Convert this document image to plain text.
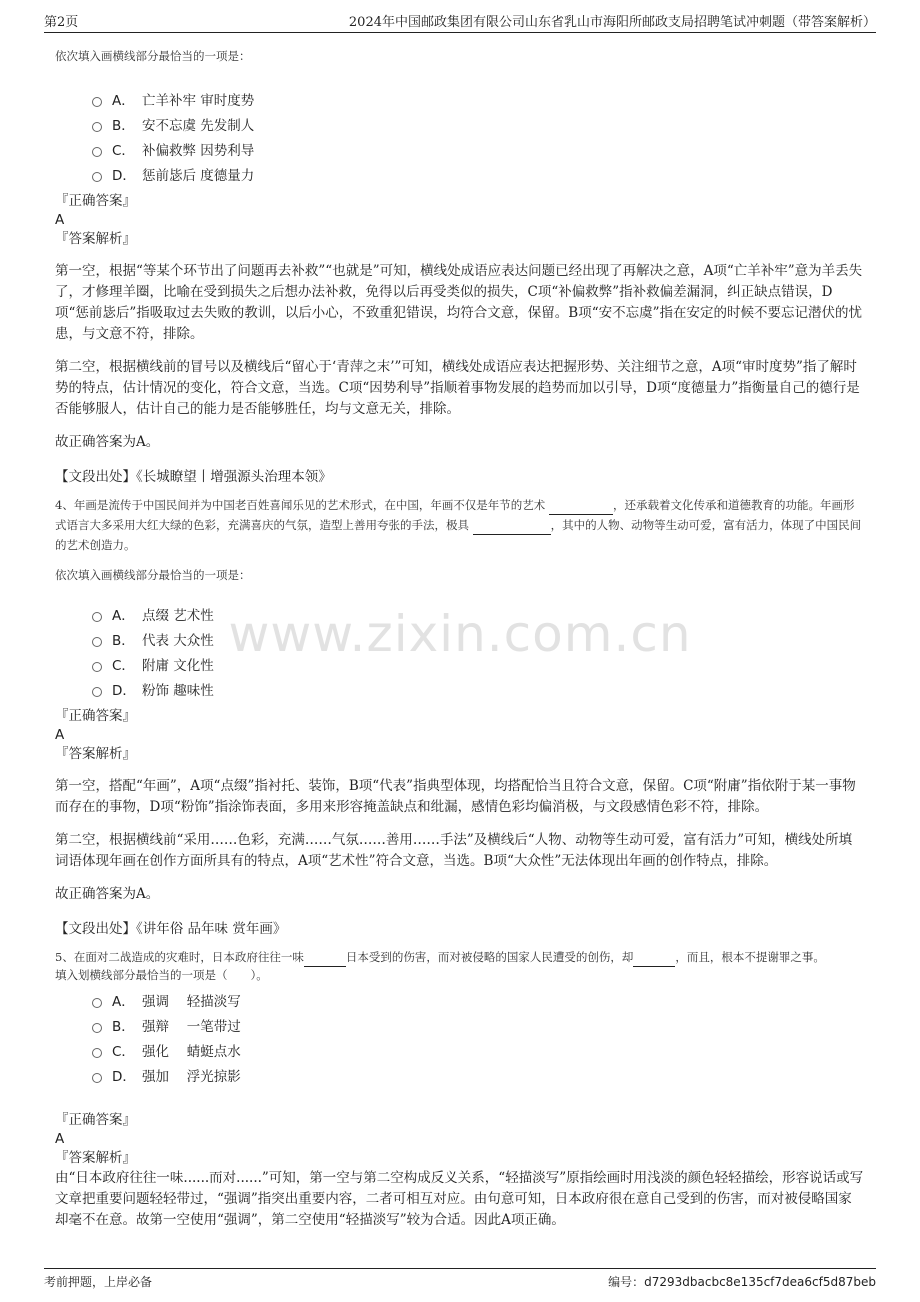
第2页	2024年中国邮政集团有限公司山东省乳山市海阳所邮政支局招聘笔试冲刺题（带答案解析）
www.zixin.com.cn

依次填入画横线部分最恰当的一项是：

A． 亡羊补牢 审时度势
B． 安不忘虞 先发制人
C． 补偏救弊 因势利导
D． 惩前毖后 度德量力

『正确答案』

A

『答案解析』

第一空，根据“等某个环节出了问题再去补救”“也就是”可知，横线处成语应表达问题已经出现了再解决之意，A项“亡羊补牢”意为羊丢失了，才修理羊圈，比喻在受到损失之后想办法补救，免得以后再受类似的损失，C项“补偏救弊”指补救偏差漏洞，纠正缺点错误，D项“惩前毖后”指吸取过去失败的教训，以后小心，不致重犯错误，均符合文意，保留。B项“安不忘虞”指在安定的时候不要忘记潜伏的忧患，与文意不符，排除。

第二空，根据横线前的冒号以及横线后“留心于‘青萍之末’”可知，横线处成语应表达把握形势、关注细节之意，A项“审时度势”指了解时势的特点，估计情况的变化，符合文意，当选。C项“因势利导”指顺着事物发展的趋势而加以引导，D项“度德量力”指衡量自己的德行是否能够服人，估计自己的能力是否能够胜任，均与文意无关，排除。

故正确答案为A。

【文段出处】《长城瞭望丨增强源头治理本领》

4、年画是流传于中国民间并为中国老百姓喜闻乐见的艺术形式，在中国，年画不仅是年节的艺术	，还承载着文化传承和道德教育的功能。年画形式语言大多采用大红大绿的色彩，充满喜庆的气氛，造型上善用夸张的手法，极具	，其中的人物、动物等生动可爱，富有活力，体现了中国民间的艺术创造力。

依次填入画横线部分最恰当的一项是：

A． 点缀 艺术性
B． 代表 大众性
C． 附庸 文化性
D． 粉饰 趣味性

『正确答案』

A

『答案解析』

第一空，搭配“年画”，A项“点缀”指衬托、装饰，B项“代表”指典型体现，均搭配恰当且符合文意，保留。C项“附庸”指依附于某一事物而存在的事物，D项“粉饰”指涂饰表面，多用来形容掩盖缺点和纰漏，感情色彩均偏消极，与文段感情色彩不符，排除。

第二空，根据横线前“采用……色彩，充满……气氛……善用……手法”及横线后“人物、动物等生动可爱，富有活力”可知，横线处所填词语体现年画在创作方面所具有的特点，A项“艺术性”符合文意，当选。B项“大众性”无法体现出年画的创作特点，排除。

故正确答案为A。

【文段出处】《讲年俗 品年味 赏年画》

5、在面对二战造成的灾难时，日本政府往往一味	日本受到的伤害，而对被侵略的国家人民遭受的创伤，却	，而且，根本不提谢罪之事。

填入划横线部分最恰当的一项是（　　）。

A． 强调　 轻描淡写
B． 强辩　 一笔带过
C． 强化　 蜻蜓点水
D． 强加　 浮光掠影

『正确答案』

A

『答案解析』

由“日本政府往往一味......而对......”可知，第一空与第二空构成反义关系，“轻描淡写”原指绘画时用浅淡的颜色轻轻描绘，形容说话或写文章把重要问题轻轻带过，“强调”指突出重要内容，二者可相互对应。由句意可知，日本政府很在意自己受到的伤害，而对被侵略国家却毫不在意。故第一空使用“强调”，第二空使用“轻描淡写”较为合适。因此A项正确。

考前押题，上岸必备	编号：d7293dbacbc8e135cf7dea6cf5d87beb
